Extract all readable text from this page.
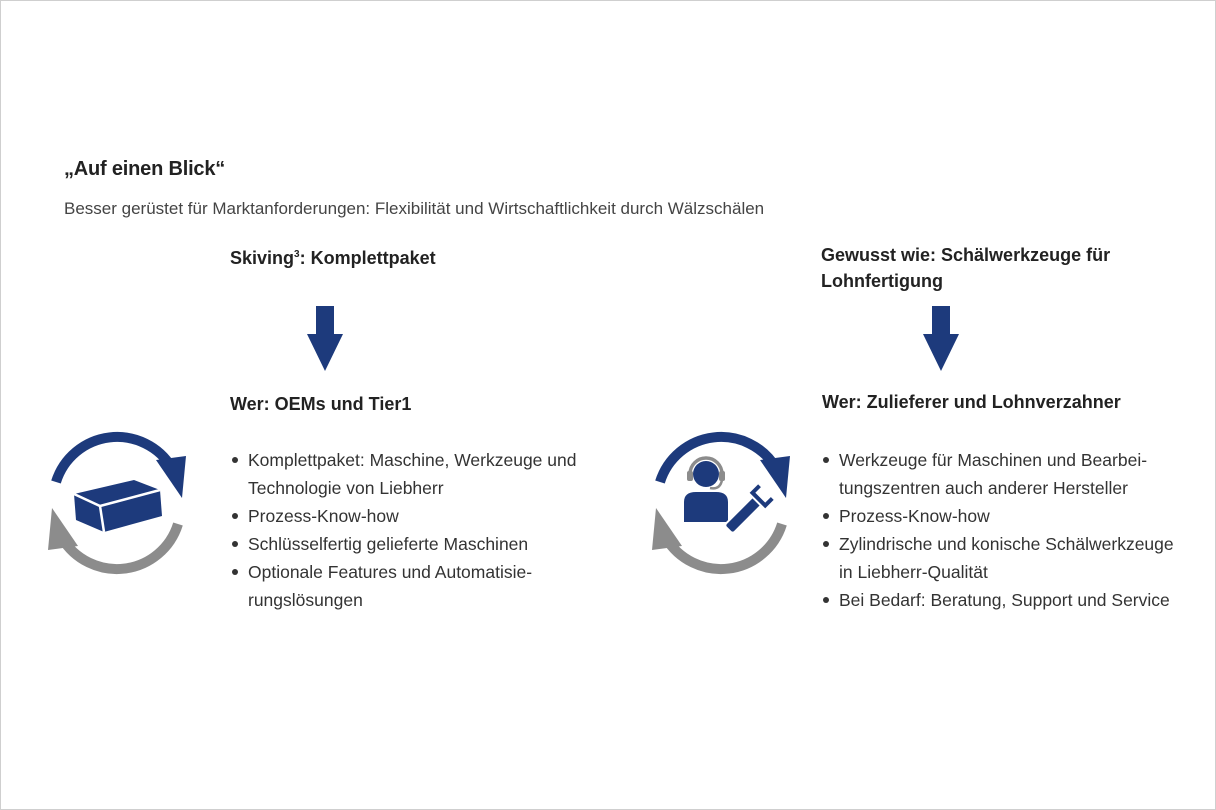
„Auf einen Blick“
Besser gerüstet für Marktanforderungen: Flexibilität und Wirtschaftlichkeit durch Wälzschälen
Skiving$^3$: Komplettpaket
Wer: OEMs und Tier1
Komplettpaket: Maschine, Werkzeuge und Technologie von Liebherr
Prozess-Know-how
Schlüsselfertig gelieferte Maschinen
Optionale Features und Automatisie-rungslösungen
Gewusst wie: Schälwerkzeuge für Lohnfertigung
Wer: Zulieferer und Lohnverzahner
Werkzeuge für Maschinen und Bearbei-tungszentren auch anderer Hersteller
Prozess-Know-how
Zylindrische und konische Schälwerkzeuge in Liebherr-Qualität
Bei Bedarf: Beratung, Support und Service
